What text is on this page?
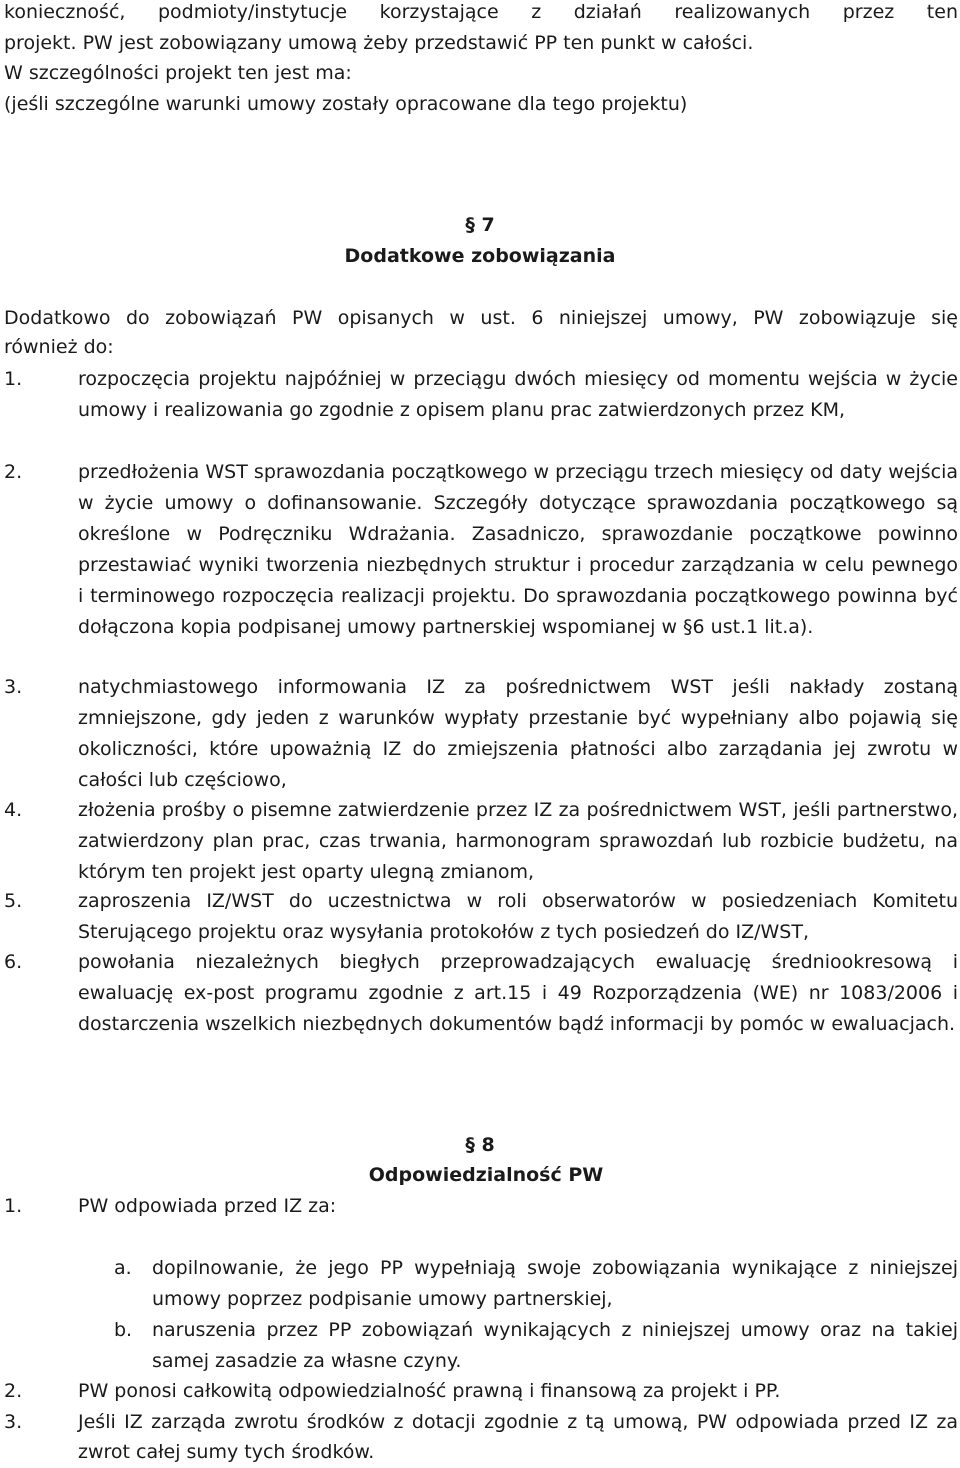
konieczność, podmioty/instytucje korzystające z działań realizowanych przez ten
projekt. PW jest zobowiązany umową żeby przedstawić PP ten punkt w całości.
W szczególności projekt ten jest ma:
(jeśli szczególne warunki umowy zostały opracowane dla tego projektu)
§ 7
Dodatkowe zobowiązania
Dodatkowo do zobowiązań PW opisanych w ust. 6 niniejszej umowy, PW zobowiązuje się
również do:
1.	rozpoczęcia projektu najpóźniej w przeciągu dwóch miesięcy od momentu wejścia w życie umowy i realizowania go zgodnie z opisem planu prac zatwierdzonych przez KM,
2.	przedłożenia WST sprawozdania początkowego w przeciągu trzech miesięcy od daty wejścia w życie umowy o dofinansowanie. Szczegóły dotyczące sprawozdania początkowego są określone w Podręczniku Wdrażania. Zasadniczo, sprawozdanie początkowe powinno przestawiać wyniki tworzenia niezbędnych struktur i procedur zarządzania w celu pewnego i terminowego rozpoczęcia realizacji projektu. Do sprawozdania początkowego powinna być dołączona kopia podpisanej umowy partnerskiej wspomianej w §6 ust.1 lit.a).
3.	natychmiastowego informowania IZ za pośrednictwem WST jeśli nakłady zostaną zmniejszone, gdy jeden z warunków wypłaty przestanie być wypełniany albo pojawią się okoliczności, które upoważnią IZ do zmiejszenia płatności albo zarządania jej zwrotu w całości lub częściowo,
4.	złożenia prośby o pisemne zatwierdzenie przez IZ za pośrednictwem WST, jeśli partnerstwo, zatwierdzony plan prac, czas trwania, harmonogram sprawozdań lub rozbicie budżetu, na którym ten projekt jest oparty ulegną zmianom,
5.	zaproszenia IZ/WST do uczestnictwa w roli obserwatorów w posiedzeniach Komitetu Sterującego projektu oraz wysyłania protokołów z tych posiedzeń do IZ/WST,
6.	powołania niezależnych biegłych przeprowadzających ewaluację średniookresową i ewaluację ex-post programu zgodnie z art.15 i 49 Rozporządzenia (WE) nr 1083/2006 i dostarczenia wszelkich niezbędnych dokumentów bądź informacji by pomóc w ewaluacjach.
§ 8
Odpowiedzialność PW
1.	PW odpowiada przed IZ za:
a. dopilnowanie, że jego PP wypełniają swoje zobowiązania wynikające z niniejszej umowy poprzez podpisanie umowy partnerskiej,
b. naruszenia przez PP zobowiązań wynikających z niniejszej umowy oraz na takiej samej zasadzie za własne czyny.
2.	PW ponosi całkowitą odpowiedzialność prawną i finansową za projekt i PP.
3.	Jeśli IZ zarząda zwrotu środków z dotacji zgodnie z tą umową, PW odpowiada przed IZ za zwrot całej sumy tych środków.
